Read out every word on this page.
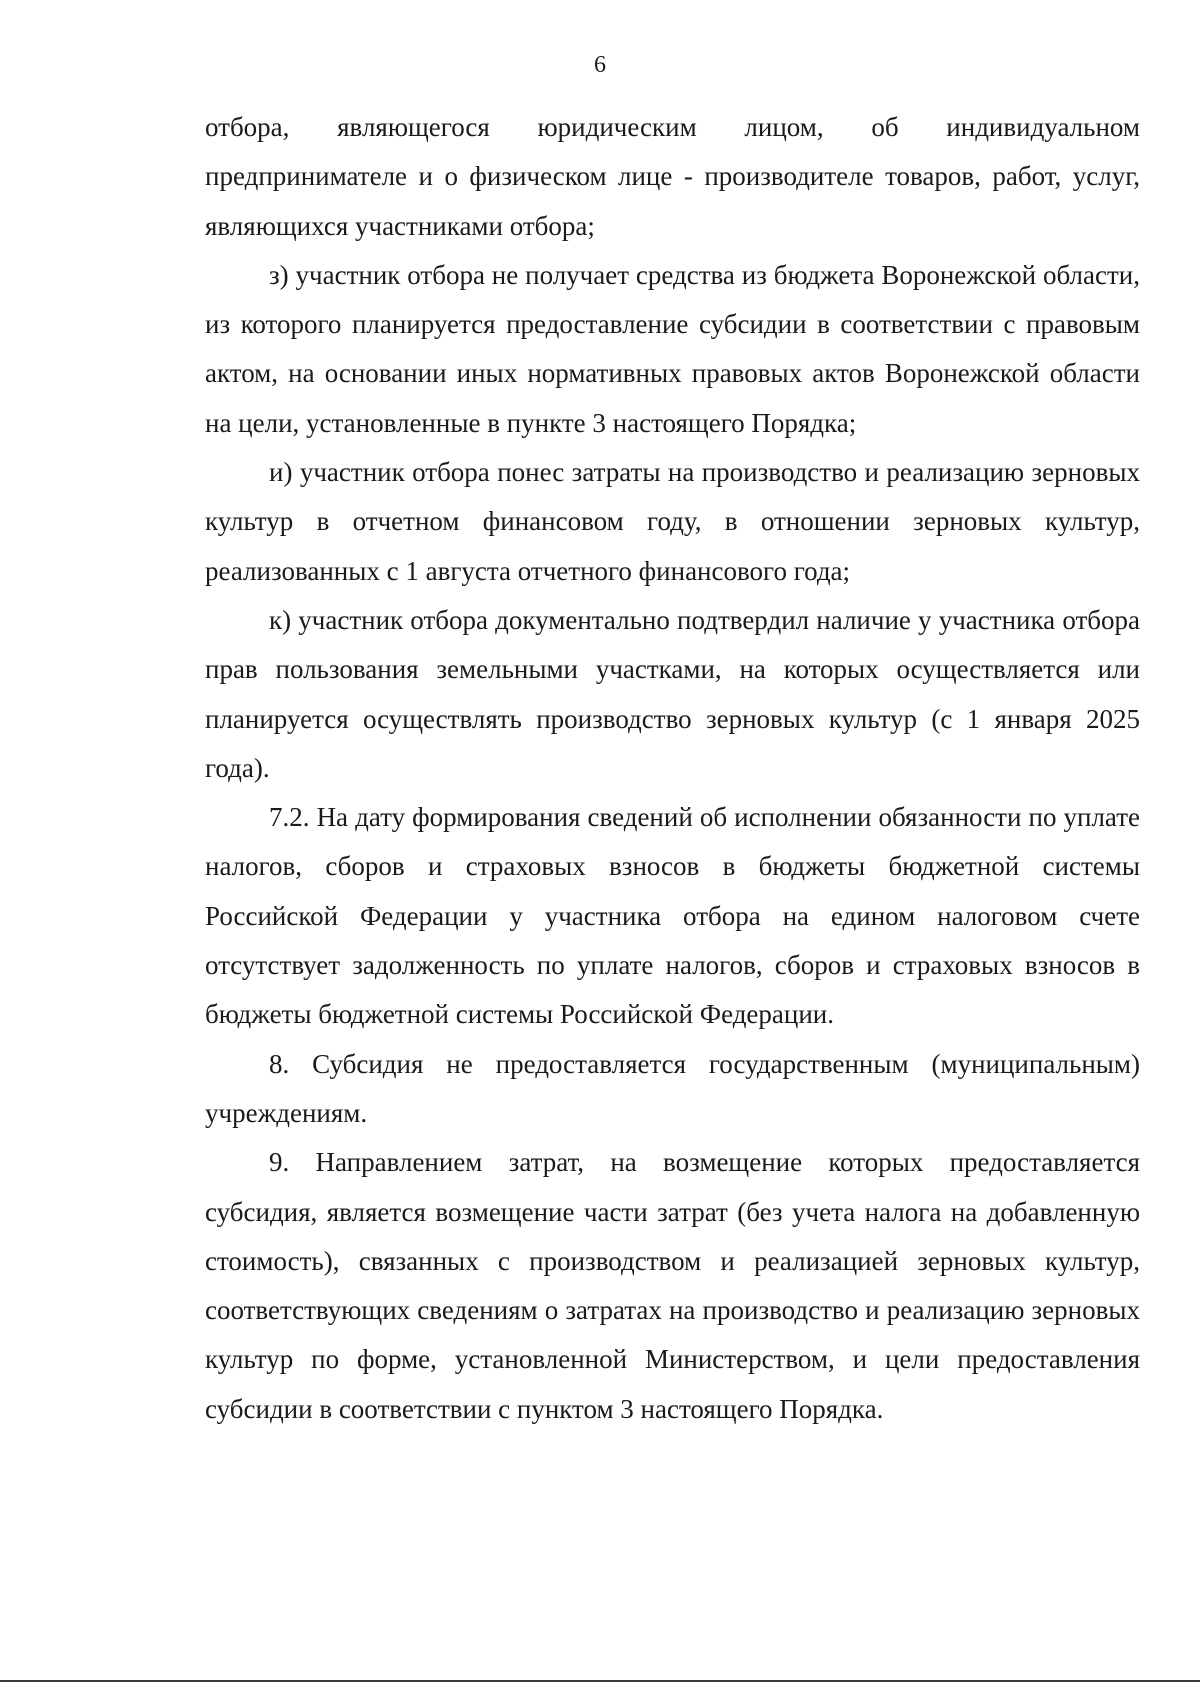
6

отбора, являющегося юридическим лицом, об индивидуальном предпринимателе и о физическом лице - производителе товаров, работ, услуг, являющихся участниками отбора;

з) участник отбора не получает средства из бюджета Воронежской области, из которого планируется предоставление субсидии в соответствии с правовым актом, на основании иных нормативных правовых актов Воронежской области на цели, установленные в пункте 3 настоящего Порядка;

и) участник отбора понес затраты на производство и реализацию зерновых культур в отчетном финансовом году, в отношении зерновых культур, реализованных с 1 августа отчетного финансового года;

к) участник отбора документально подтвердил наличие у участника отбора прав пользования земельными участками, на которых осуществляется или планируется осуществлять производство зерновых культур (с 1 января 2025 года).

7.2. На дату формирования сведений об исполнении обязанности по уплате налогов, сборов и страховых взносов в бюджеты бюджетной системы Российской Федерации у участника отбора на едином налоговом счете отсутствует задолженность по уплате налогов, сборов и страховых взносов в бюджеты бюджетной системы Российской Федерации.

8. Субсидия не предоставляется государственным (муниципальным) учреждениям.

9. Направлением затрат, на возмещение которых предоставляется субсидия, является возмещение части затрат (без учета налога на добавленную стоимость), связанных с производством и реализацией зерновых культур, соответствующих сведениям о затратах на производство и реализацию зерновых культур по форме, установленной Министерством, и цели предоставления субсидии в соответствии с пунктом 3 настоящего Порядка.
